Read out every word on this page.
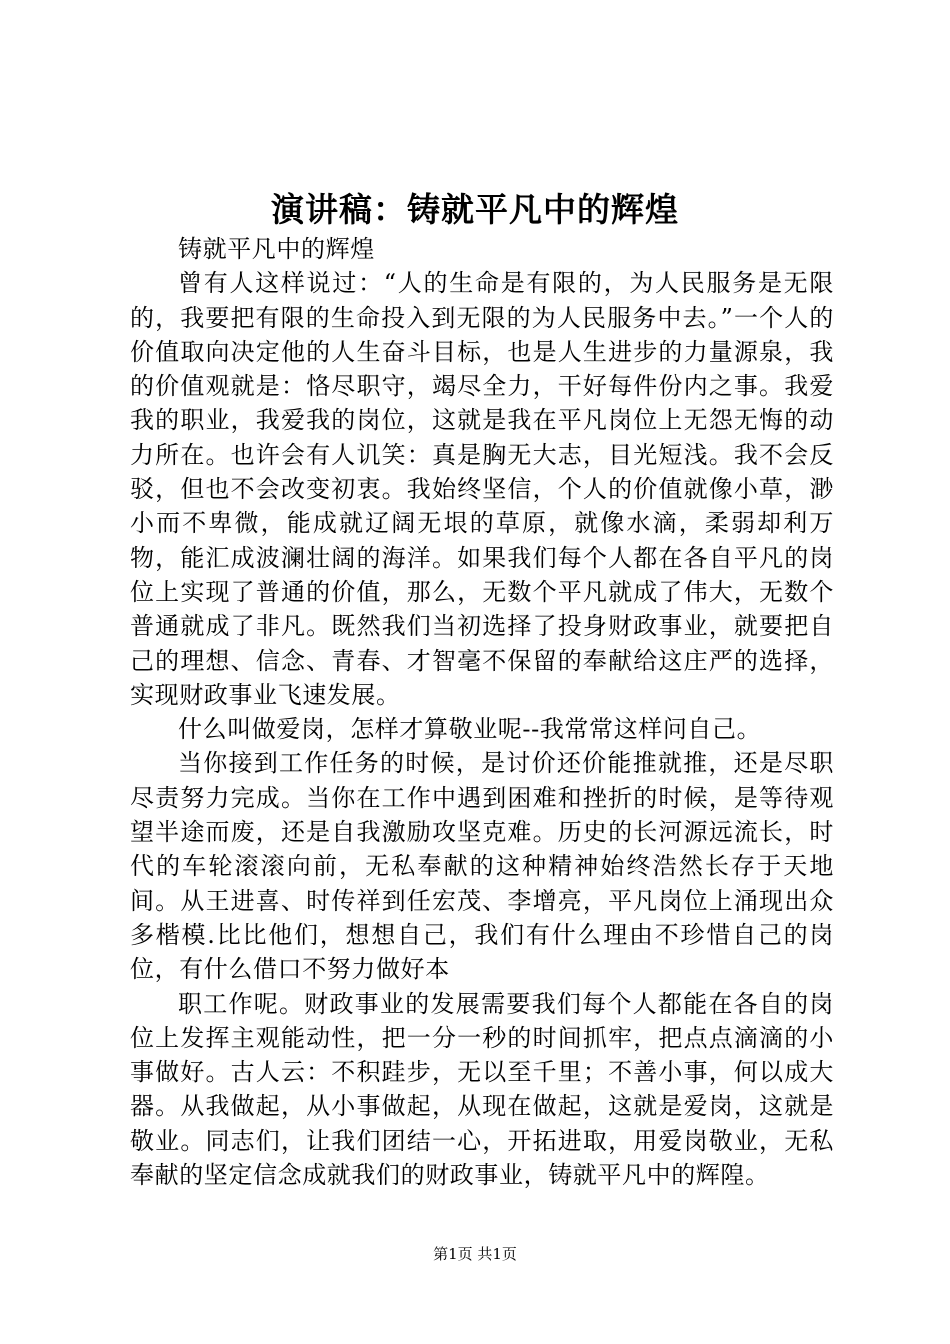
演讲稿：铸就平凡中的辉煌

铸就平凡中的辉煌

曾有人这样说过：“人的生命是有限的，为人民服务是无限的，我要把有限的生命投入到无限的为人民服务中去。”一个人的价值取向决定他的人生奋斗目标，也是人生进步的力量源泉，我的价值观就是：恪尽职守，竭尽全力，干好每件份内之事。我爱我的职业，我爱我的岗位，这就是我在平凡岗位上无怨无悔的动力所在。也许会有人讥笑：真是胸无大志，目光短浅。我不会反驳，但也不会改变初衷。我始终坚信，个人的价值就像小草，渺小而不卑微，能成就辽阔无垠的草原，就像水滴，柔弱却利万物，能汇成波澜壮阔的海洋。如果我们每个人都在各自平凡的岗位上实现了普通的价值，那么，无数个平凡就成了伟大，无数个普通就成了非凡。既然我们当初选择了投身财政事业，就要把自己的理想、信念、青春、才智毫不保留的奉献给这庄严的选择，实现财政事业飞速发展。

什么叫做爱岗，怎样才算敬业呢--我常常这样问自己。

当你接到工作任务的时候，是讨价还价能推就推，还是尽职尽责努力完成。当你在工作中遇到困难和挫折的时候，是等待观望半途而废，还是自我激励攻坚克难。历史的长河源远流长，时代的车轮滚滚向前，无私奉献的这种精神始终浩然长存于天地间。从王进喜、时传祥到任宏茂、李增亮，平凡岗位上涌现出众多楷模.比比他们，想想自己，我们有什么理由不珍惜自己的岗位，有什么借口不努力做好本

职工作呢。财政事业的发展需要我们每个人都能在各自的岗位上发挥主观能动性，把一分一秒的时间抓牢，把点点滴滴的小事做好。古人云：不积跬步，无以至千里；不善小事，何以成大器。从我做起，从小事做起，从现在做起，这就是爱岗，这就是敬业。同志们，让我们团结一心，开拓进取，用爱岗敬业，无私奉献的坚定信念成就我们的财政事业，铸就平凡中的辉隍。

第1页 共1页
